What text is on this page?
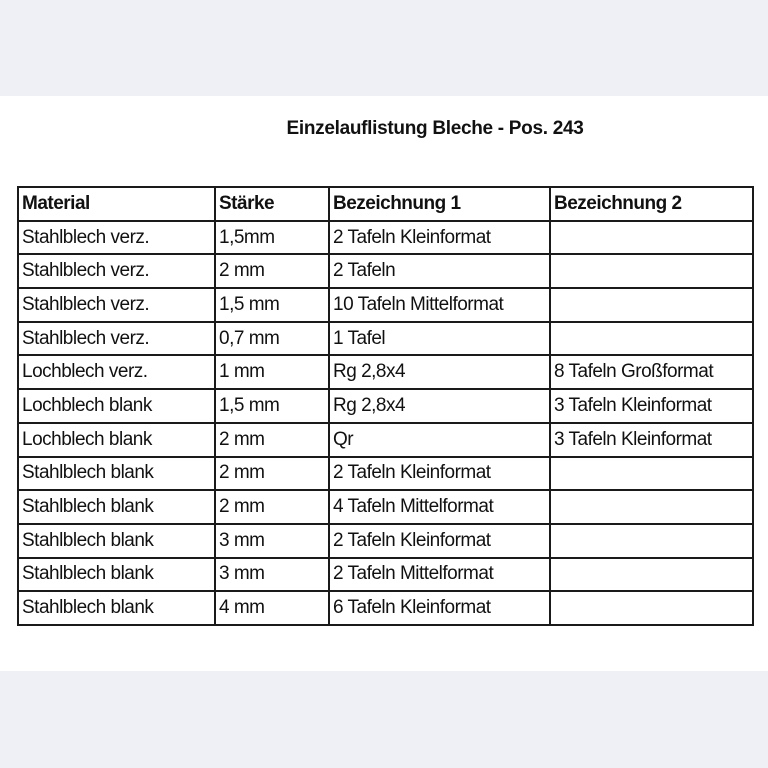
Einzelauflistung Bleche - Pos. 243
Material	Stärke	Bezeichnung 1	Bezeichnung 2
Stahlblech verz.	1,5mm	2 Tafeln Kleinformat	
Stahlblech verz.	2 mm	2 Tafeln	
Stahlblech verz.	1,5 mm	10 Tafeln Mittelformat	
Stahlblech verz.	0,7 mm	1 Tafel	
Lochblech verz.	1 mm	Rg 2,8x4	8 Tafeln Großformat
Lochblech blank	1,5 mm	Rg 2,8x4	3 Tafeln Kleinformat
Lochblech blank	2 mm	Qr	3 Tafeln Kleinformat
Stahlblech blank	2 mm	2 Tafeln Kleinformat	
Stahlblech blank	2 mm	4 Tafeln Mittelformat	
Stahlblech blank	3 mm	2 Tafeln Kleinformat	
Stahlblech blank	3 mm	2 Tafeln Mittelformat	
Stahlblech blank	4 mm	6 Tafeln Kleinformat	
